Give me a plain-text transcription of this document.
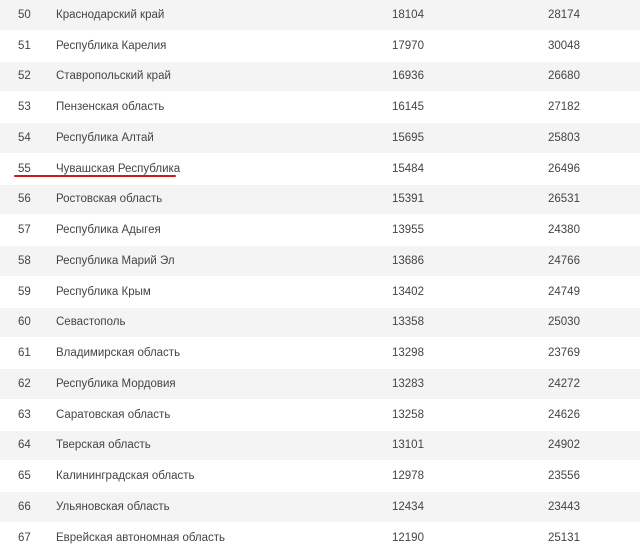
50	Краснодарский край	18104	28174
51	Республика Карелия	17970	30048
52	Ставропольский край	16936	26680
53	Пензенская область	16145	27182
54	Республика Алтай	15695	25803
55	Чувашская Республика	15484	26496
56	Ростовская область	15391	26531
57	Республика Адыгея	13955	24380
58	Республика Марий Эл	13686	24766
59	Республика Крым	13402	24749
60	Севастополь	13358	25030
61	Владимирская область	13298	23769
62	Республика Мордовия	13283	24272
63	Саратовская область	13258	24626
64	Тверская область	13101	24902
65	Калининградская область	12978	23556
66	Ульяновская область	12434	23443
67	Еврейская автономная область	12190	25131
